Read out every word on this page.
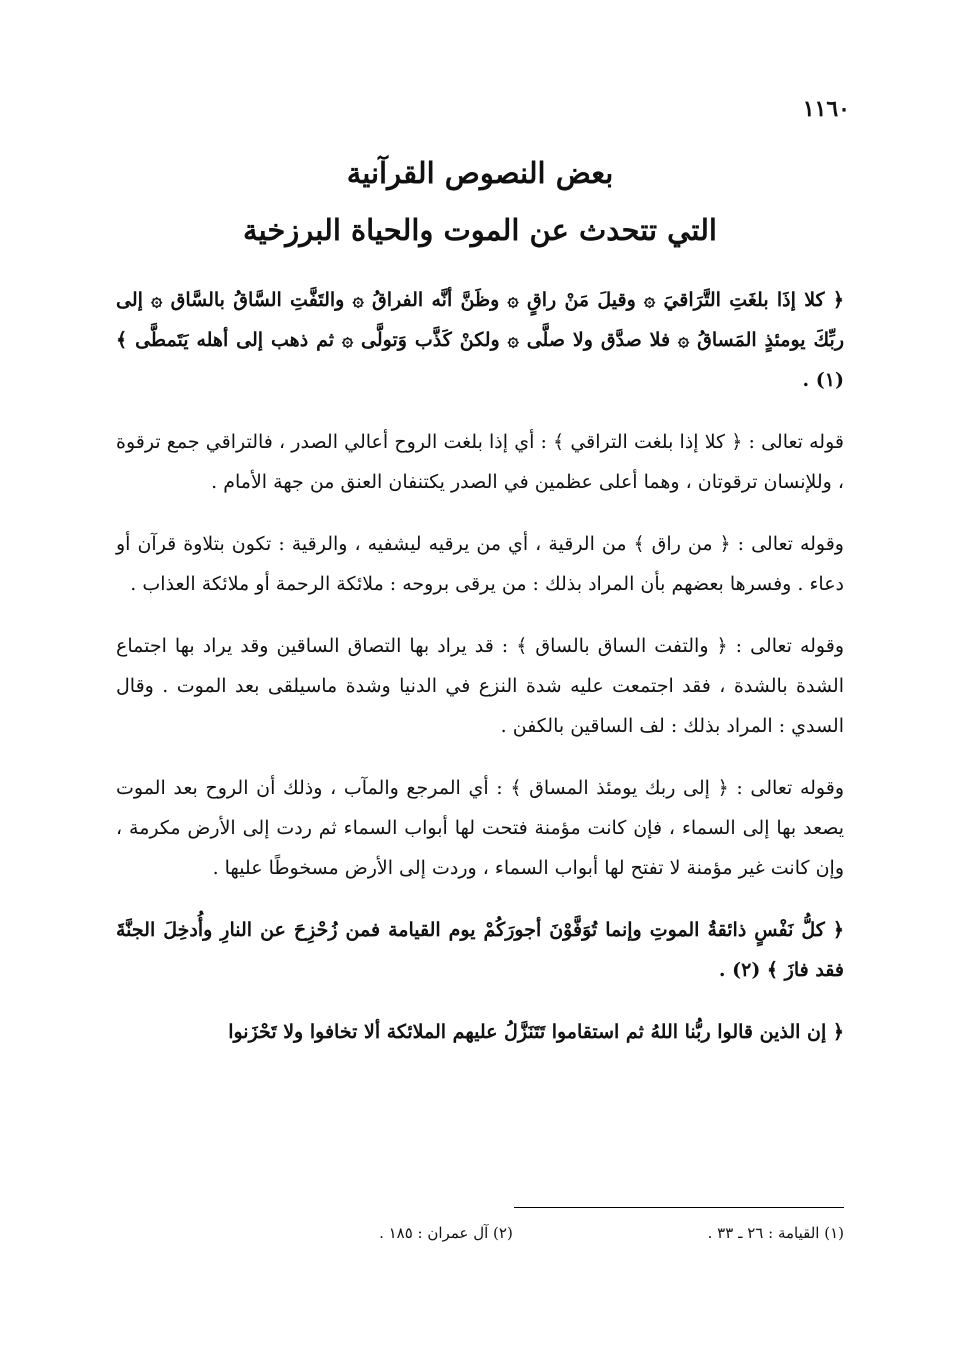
١١٦٠
بعض النصوص القرآنية
التي تتحدث عن الموت والحياة البرزخية

﴿ كلا إذَا بلغَتِ التَّرَاقيَ ۞ وقيلَ مَنْ راقٍ ۞ وظَنَّ أنَّه الفراقُ ۞ والتَفَّتِ السَّاقُ بالسَّاق ۞ إلى ربِّكَ يومئذٍ المَساقُ ۞ فلا صدَّق ولا صلَّى ۞ ولكنْ كَذَّب وَتولَّى ۞ ثم ذهب إلى أهله يَتَمطَّى ﴾ (١) .

قوله تعالى : ﴿ كلا إذا بلغت التراقي ﴾ : أي إذا بلغت الروح أعالي الصدر ، فالتراقي جمع ترقوة ، وللإنسان ترقوتان ، وهما أعلى عظمين في الصدر يكتنفان العنق من جهة الأمام .

وقوله تعالى : ﴿ من راق ﴾ من الرقية ، أي من يرقيه ليشفيه ، والرقية : تكون بتلاوة قرآن أو دعاء . وفسرها بعضهم بأن المراد بذلك : من يرقى بروحه : ملائكة الرحمة أو ملائكة العذاب .

وقوله تعالى : ﴿ والتفت الساق بالساق ﴾ : قد يراد بها التصاق الساقين وقد يراد بها اجتماع الشدة بالشدة ، فقد اجتمعت عليه شدة النزع في الدنيا وشدة ماسيلقى بعد الموت . وقال السدي : المراد بذلك : لف الساقين بالكفن .

وقوله تعالى : ﴿ إلى ربك يومئذ المساق ﴾ : أي المرجع والمآب ، وذلك أن الروح بعد الموت يصعد بها إلى السماء ، فإن كانت مؤمنة فتحت لها أبواب السماء ثم ردت إلى الأرض مكرمة ، وإن كانت غير مؤمنة لا تفتح لها أبواب السماء ، وردت إلى الأرض مسخوطًا عليها .

﴿ كلُّ نَفْسٍ ذائقةُ الموتِ وإنما تُوَفَّوْنَ أجورَكُمْ يوم القيامة فمن زُحْزِحَ عن النارِ وأُدخِلَ الجنَّةَ فقد فازَ ﴾ (٢) .

﴿ إن الذين قالوا ربُّنا اللهُ ثم استقاموا تَتَنَزَّلُ عليهم الملائكة ألا تخافوا ولا تَحْزَنوا

(١) القيامة : ٢٦ ـ ٣٣ . (٢) آل عمران : ١٨٥ .
